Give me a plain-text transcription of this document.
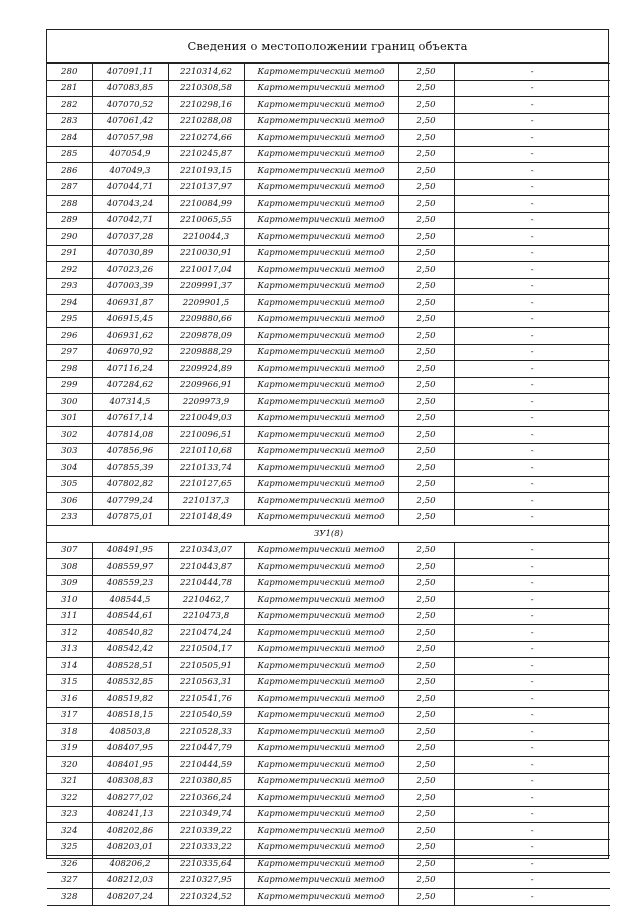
Сведения о местоположении границ объекта
280	407091,11	2210314,62	Картометрический метод	2,50	-
281	407083,85	2210308,58	Картометрический метод	2,50	-
282	407070,52	2210298,16	Картометрический метод	2,50	-
283	407061,42	2210288,08	Картометрический метод	2,50	-
284	407057,98	2210274,66	Картометрический метод	2,50	-
285	407054,9	2210245,87	Картометрический метод	2,50	-
286	407049,3	2210193,15	Картометрический метод	2,50	-
287	407044,71	2210137,97	Картометрический метод	2,50	-
288	407043,24	2210084,99	Картометрический метод	2,50	-
289	407042,71	2210065,55	Картометрический метод	2,50	-
290	407037,28	2210044,3	Картометрический метод	2,50	-
291	407030,89	2210030,91	Картометрический метод	2,50	-
292	407023,26	2210017,04	Картометрический метод	2,50	-
293	407003,39	2209991,37	Картометрический метод	2,50	-
294	406931,87	2209901,5	Картометрический метод	2,50	-
295	406915,45	2209880,66	Картометрический метод	2,50	-
296	406931,62	2209878,09	Картометрический метод	2,50	-
297	406970,92	2209888,29	Картометрический метод	2,50	-
298	407116,24	2209924,89	Картометрический метод	2,50	-
299	407284,62	2209966,91	Картометрический метод	2,50	-
300	407314,5	2209973,9	Картометрический метод	2,50	-
301	407617,14	2210049,03	Картометрический метод	2,50	-
302	407814,08	2210096,51	Картометрический метод	2,50	-
303	407856,96	2210110,68	Картометрический метод	2,50	-
304	407855,39	2210133,74	Картометрический метод	2,50	-
305	407802,82	2210127,65	Картометрический метод	2,50	-
306	407799,24	2210137,3	Картометрический метод	2,50	-
233	407875,01	2210148,49	Картометрический метод	2,50	-
ЗУ1(8)					
307	408491,95	2210343,07	Картометрический метод	2,50	-
308	408559,97	2210443,87	Картометрический метод	2,50	-
309	408559,23	2210444,78	Картометрический метод	2,50	-
310	408544,5	2210462,7	Картометрический метод	2,50	-
311	408544,61	2210473,8	Картометрический метод	2,50	-
312	408540,82	2210474,24	Картометрический метод	2,50	-
313	408542,42	2210504,17	Картометрический метод	2,50	-
314	408528,51	2210505,91	Картометрический метод	2,50	-
315	408532,85	2210563,31	Картометрический метод	2,50	-
316	408519,82	2210541,76	Картометрический метод	2,50	-
317	408518,15	2210540,59	Картометрический метод	2,50	-
318	408503,8	2210528,33	Картометрический метод	2,50	-
319	408407,95	2210447,79	Картометрический метод	2,50	-
320	408401,95	2210444,59	Картометрический метод	2,50	-
321	408308,83	2210380,85	Картометрический метод	2,50	-
322	408277,02	2210366,24	Картометрический метод	2,50	-
323	408241,13	2210349,74	Картометрический метод	2,50	-
324	408202,86	2210339,22	Картометрический метод	2,50	-
325	408203,01	2210333,22	Картометрический метод	2,50	-
326	408206,2	2210335,64	Картометрический метод	2,50	-
327	408212,03	2210327,95	Картометрический метод	2,50	-
328	408207,24	2210324,52	Картометрический метод	2,50	-
